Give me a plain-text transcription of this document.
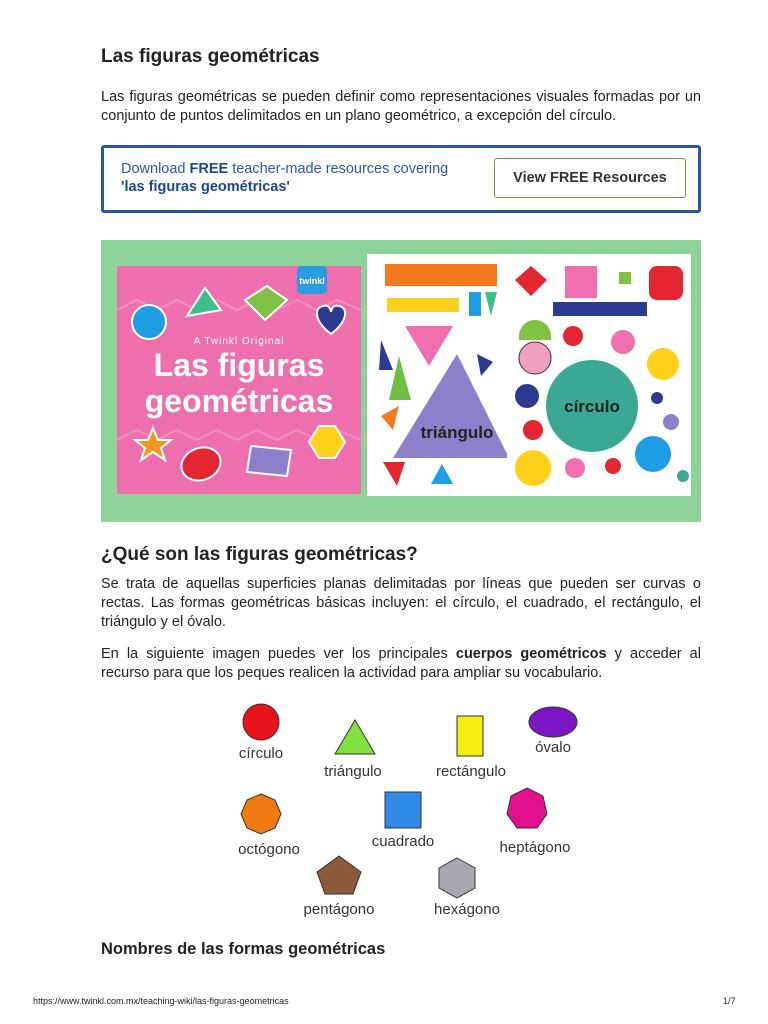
Las figuras geométricas

Las figuras geométricas se pueden definir como representaciones visuales formadas por un conjunto de puntos delimitados en un plano geométrico, a excepción del círculo.

Download FREE teacher-made resources covering
'las figuras geométricas'
View FREE Resources
twinkl
A Twinkl Original
Las figuras
geométricas
triángulo
círculo
¿Qué son las figuras geométricas?

Se trata de aquellas superficies planas delimitadas por líneas que pueden ser curvas o rectas. Las formas geométricas básicas incluyen: el círculo, el cuadrado, el rectángulo, el triángulo y el óvalo.

En la siguiente imagen puedes ver los principales cuerpos geométricos y acceder al recurso para que los peques realicen la actividad para ampliar su vocabulario.

círculo
triángulo	rectángulo
óvalo
octógono	cuadrado	heptágono
pentágono	hexágono
Nombres de las formas geométricas
https://www.twinkl.com.mx/teaching-wiki/las-figuras-geometricas	1/7
